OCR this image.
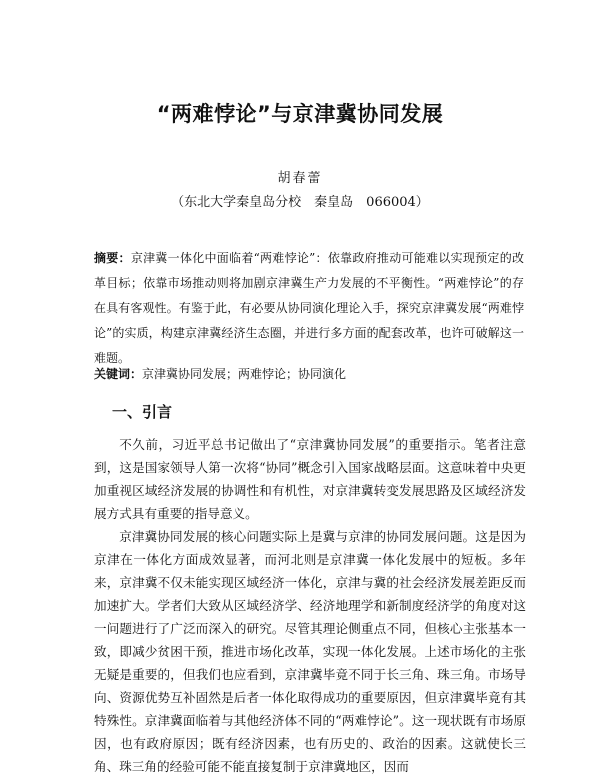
“两难悖论”与京津冀协同发展
胡春蕾
（东北大学秦皇岛分校　秦皇岛　066004）
摘要：京津冀一体化中面临着“两难悖论”：依靠政府推动可能难以实现预定的改革目标；依靠市场推动则将加剧京津冀生产力发展的不平衡性。“两难悖论”的存在具有客观性。有鉴于此，有必要从协同演化理论入手，探究京津冀发展“两难悖论”的实质，构建京津冀经济生态圈，并进行多方面的配套改革，也许可破解这一难题。
关键词：京津冀协同发展；两难悖论；协同演化
一、引言

不久前，习近平总书记做出了“京津冀协同发展”的重要指示。笔者注意到，这是国家领导人第一次将“协同”概念引入国家战略层面。这意味着中央更加重视区域经济发展的协调性和有机性，对京津冀转变发展思路及区域经济发展方式具有重要的指导意义。

京津冀协同发展的核心问题实际上是冀与京津的协同发展问题。这是因为京津在一体化方面成效显著，而河北则是京津冀一体化发展中的短板。多年来，京津冀不仅未能实现区域经济一体化，京津与冀的社会经济发展差距反而加速扩大。学者们大致从区域经济学、经济地理学和新制度经济学的角度对这一问题进行了广泛而深入的研究。尽管其理论侧重点不同，但核心主张基本一致，即减少贫困干预，推进市场化改革，实现一体化发展。上述市场化的主张无疑是重要的，但我们也应看到，京津冀毕竟不同于长三角、珠三角。市场导向、资源优势互补固然是后者一体化取得成功的重要原因，但京津冀毕竟有其特殊性。京津冀面临着与其他经济体不同的“两难悖论”。这一现状既有市场原因，也有政府原因；既有经济因素，也有历史的、政治的因素。这就使长三角、珠三角的经验可能不能直接复制于京津冀地区，因而
